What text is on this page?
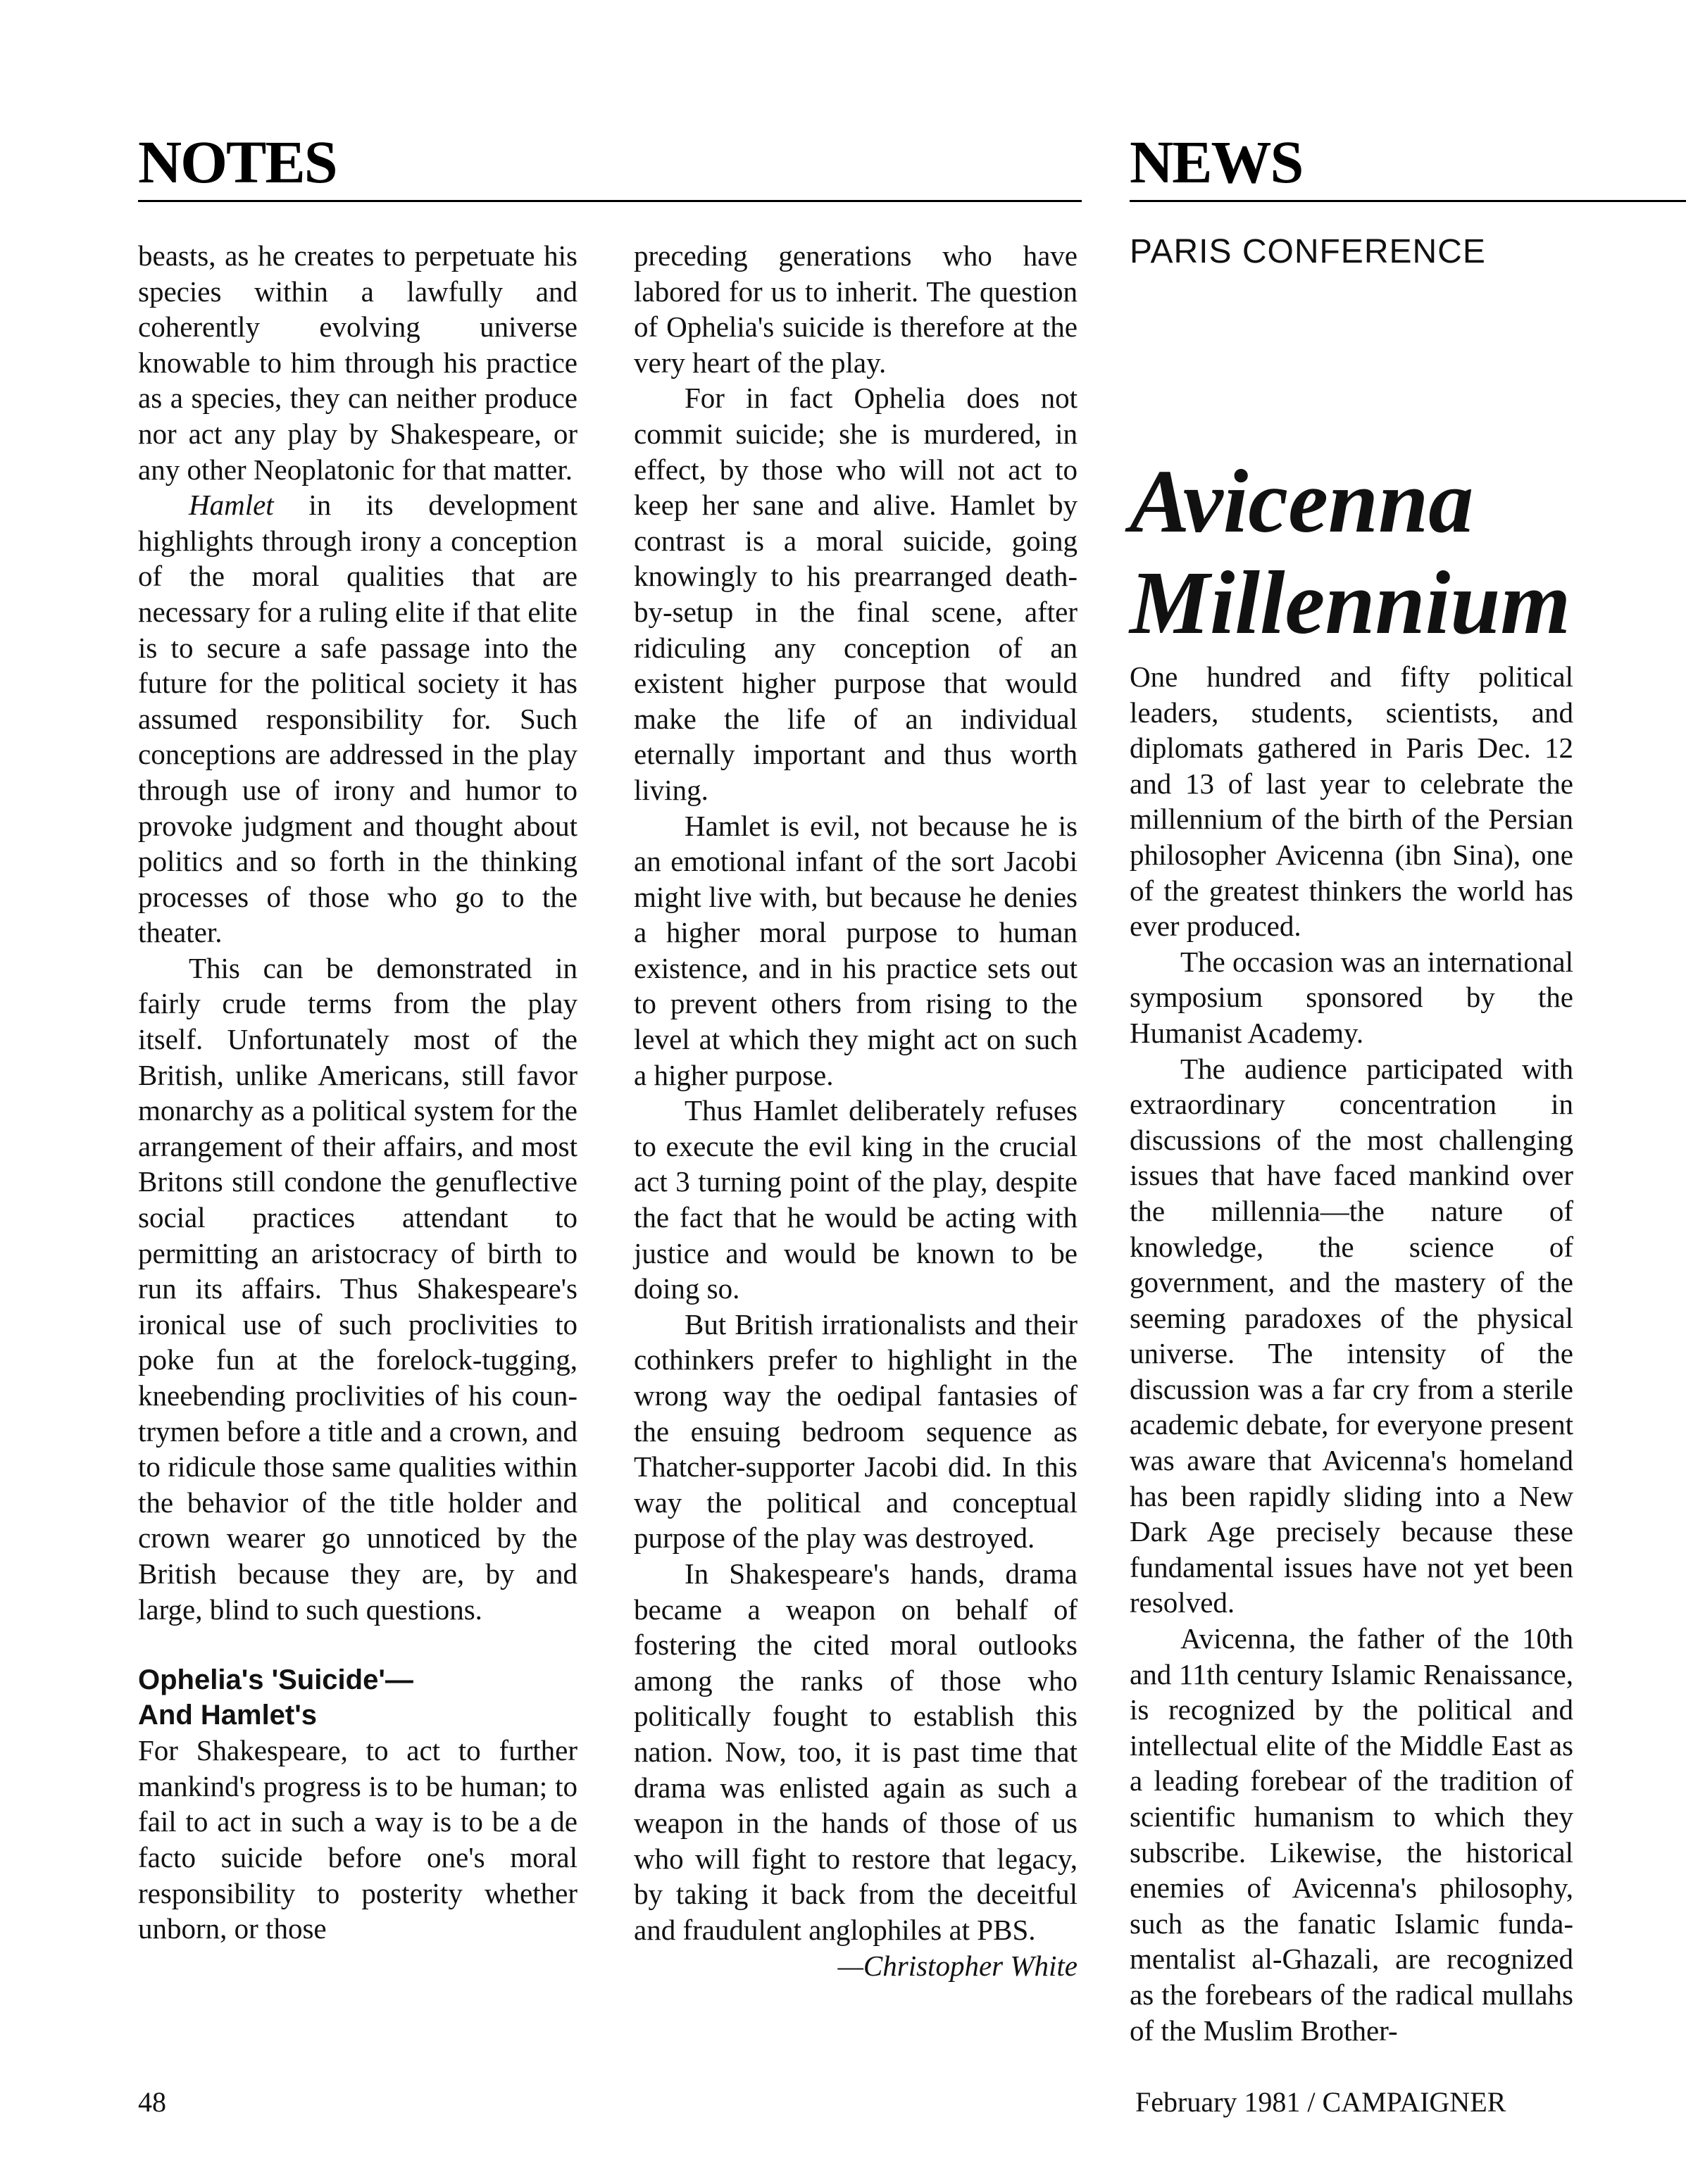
NOTES	NEWS

beasts, as he creates to perpetuate his species within a lawfully and coherently evolving universe knowable to him through his practice as a species, they can neither produce nor act any play by Shakespeare, or any other Neoplatonic for that matter.

Hamlet in its development highlights through irony a conception of the moral qualities that are necessary for a ruling elite if that elite is to secure a safe passage into the future for the political society it has assumed responsibility for. Such conceptions are addressed in the play through use of irony and humor to provoke judgment and thought about politics and so forth in the thinking processes of those who go to the theater.

This can be demonstrated in fairly crude terms from the play itself. Unfortunately most of the British, unlike Americans, still favor monarchy as a political system for the arrangement of their affairs, and most Britons still condone the genuflective social practices attendant to permitting an aristocracy of birth to run its affairs. Thus Shakespeare's ironical use of such proclivities to poke fun at the forelock-tugging, kneebending proclivities of his countrymen before a title and a crown, and to ridicule those same qualities within the behavior of the title holder and crown wearer go unnoticed by the British because they are, by and large, blind to such questions.

Ophelia's 'Suicide'—
And Hamlet's

For Shakespeare, to act to further mankind's progress is to be human; to fail to act in such a way is to be a de facto suicide before one's moral responsibility to posterity whether unborn, or those

preceding generations who have labored for us to inherit. The question of Ophelia's suicide is therefore at the very heart of the play.

For in fact Ophelia does not commit suicide; she is murdered, in effect, by those who will not act to keep her sane and alive. Hamlet by contrast is a moral suicide, going knowingly to his prearranged death-by-setup in the final scene, after ridiculing any conception of an existent higher purpose that would make the life of an individual eternally important and thus worth living.

Hamlet is evil, not because he is an emotional infant of the sort Jacobi might live with, but because he denies a higher moral purpose to human existence, and in his practice sets out to prevent others from rising to the level at which they might act on such a higher purpose.

Thus Hamlet deliberately refuses to execute the evil king in the crucial act 3 turning point of the play, despite the fact that he would be acting with justice and would be known to be doing so.

But British irrationalists and their cothinkers prefer to highlight in the wrong way the oedipal fantasies of the ensuing bedroom sequence as Thatcher-supporter Jacobi did. In this way the political and conceptual purpose of the play was destroyed.

In Shakespeare's hands, drama became a weapon on behalf of fostering the cited moral outlooks among the ranks of those who politically fought to establish this nation. Now, too, it is past time that drama was enlisted again as such a weapon in the hands of those of us who will fight to restore that legacy, by taking it back from the deceitful and fraudulent anglophiles at PBS.

—Christopher White

PARIS CONFERENCE
Avicenna
Millennium

One hundred and fifty political leaders, students, scientists, and diplomats gathered in Paris Dec. 12 and 13 of last year to celebrate the millennium of the birth of the Persian philosopher Avicenna (ibn Sina), one of the greatest thinkers the world has ever produced.

The occasion was an international symposium sponsored by the Humanist Academy.

The audience participated with extraordinary concentration in discussions of the most challenging issues that have faced mankind over the millennia—the nature of knowledge, the science of government, and the mastery of the seeming paradoxes of the physical universe. The intensity of the discussion was a far cry from a sterile academic debate, for everyone present was aware that Avicenna's homeland has been rapidly sliding into a New Dark Age precisely because these fundamental issues have not yet been resolved.

Avicenna, the father of the 10th and 11th century Islamic Renaissance, is recognized by the political and intellectual elite of the Middle East as a leading forebear of the tradition of scientific humanism to which they subscribe. Likewise, the historical enemies of Avicenna's philosophy, such as the fanatic Islamic fundamentalist al-Ghazali, are recognized as the forebears of the radical mullahs of the Muslim Brother-

48	February 1981 / CAMPAIGNER
